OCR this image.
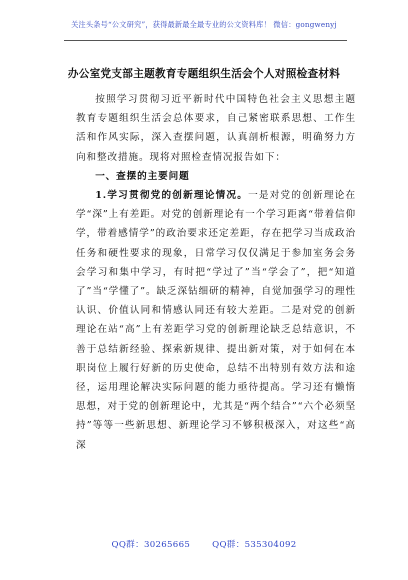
关注头条号“公文研究”，获得最新最全最专业的公文资料库！ 微信：gongwenyj
办公室党支部主题教育专题组织生活会个人对照检查材料

按照学习贯彻习近平新时代中国特色社会主义思想主题教育专题组织生活会总体要求，自己紧密联系思想、工作生活和作风实际，深入查摆问题，认真剖析根源，明确努力方向和整改措施。现将对照检查情况报告如下：

一、查摆的主要问题

1.学习贯彻党的创新理论情况。一是对党的创新理论在学“深”上有差距。对党的创新理论有一个学习距离“带着信仰学，带着感情学”的政治要求还定差距，存在把学习当成政治任务和硬性要求的现象，日常学习仅仅满足于参加室务会务会学习和集中学习，有时把“学过了”当“学会了”，把“知道了”当“学懂了”。缺乏深钻细研的精神，自觉加强学习的理性认识、价值认同和情感认同还有较大差距。二是对党的创新理论在站“高”上有差距学习党的创新理论缺乏总结意识，不善于总结新经验、探索新规律、提出新对策，对于如何在本职岗位上履行好新的历史使命，总结不出特别有效方法和途径，运用理论解决实际问题的能力亟待提高。学习还有懒惰思想，对于党的创新理论中，尤其是“两个结合”“六个必须坚持”等等一些新思想、新理论学习不够积极深入，对这些“高深

QQ群：30265665	QQ群：535304092
